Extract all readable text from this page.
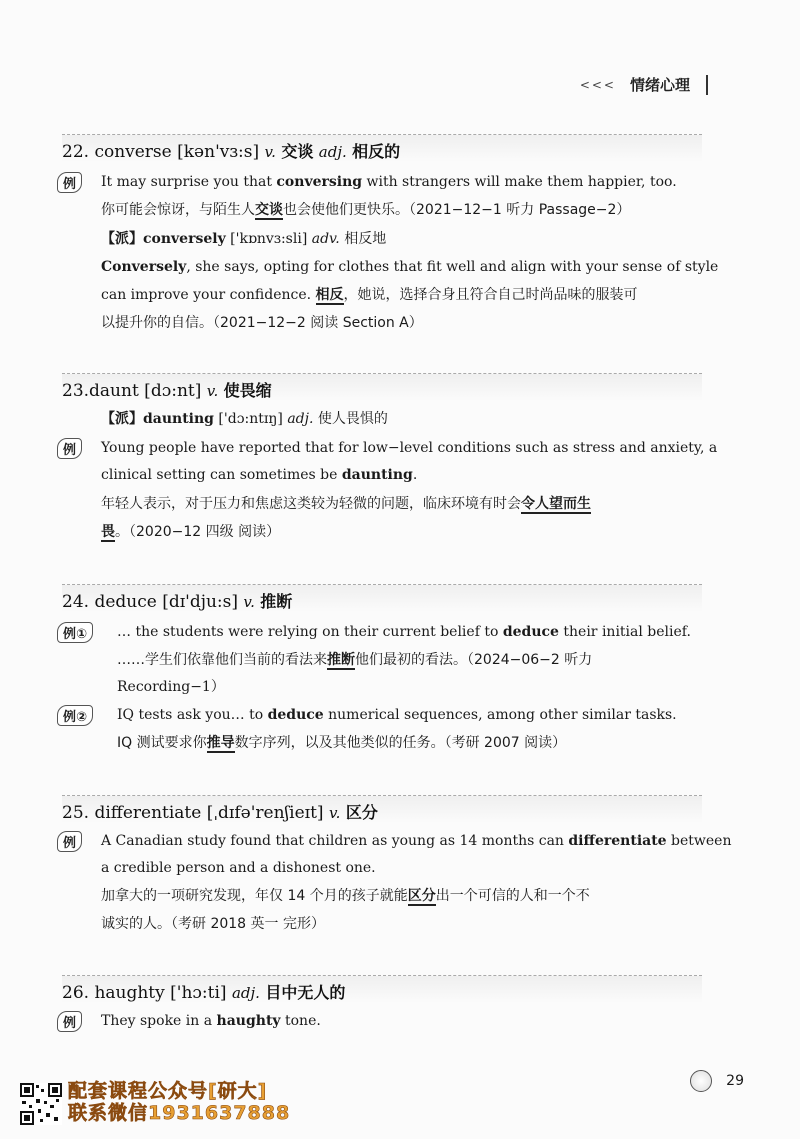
<<< 情绪心理
22. converse [kən'vɜ:s] v. 交谈 adj. 相反的
例	It may surprise you that conversing with strangers will make them happier, too.
你可能会惊讶，与陌生人交谈也会使他们更快乐。（2021−12−1 听力 Passage−2）
【派】conversely ['kɒnvɜ:sli] adv. 相反地
Conversely, she says, opting for clothes that fit well and align with your sense of style
can improve your confidence. 相反，她说，选择合身且符合自己时尚品味的服装可
以提升你的自信。（2021−12−2 阅读 Section A）
23.daunt [dɔ:nt] v. 使畏缩
【派】daunting ['dɔ:ntɪŋ] adj. 使人畏惧的
例	Young people have reported that for low−level conditions such as stress and anxiety, a
clinical setting can sometimes be daunting.
年轻人表示，对于压力和焦虑这类较为轻微的问题，临床环境有时会令人望而生
畏。（2020−12 四级 阅读）
24. deduce [dɪ'dju:s] v. 推断
例①	… the students were relying on their current belief to deduce their initial belief.
……学生们依靠他们当前的看法来推断他们最初的看法。（2024−06−2 听力
Recording−1）
例②	IQ tests ask you… to deduce numerical sequences, among other similar tasks.
IQ 测试要求你推导数字序列，以及其他类似的任务。（考研 2007 阅读）
25. differentiate [ˌdɪfə'renʃieɪt] v. 区分
例	A Canadian study found that children as young as 14 months can differentiate between
a credible person and a dishonest one.
加拿大的一项研究发现，年仅 14 个月的孩子就能区分出一个可信的人和一个不
诚实的人。（考研 2018 英一 完形）
26. haughty ['hɔ:ti] adj. 目中无人的
例	They spoke in a haughty tone.
29
配套课程公众号[研大]
联系微信1931637888
